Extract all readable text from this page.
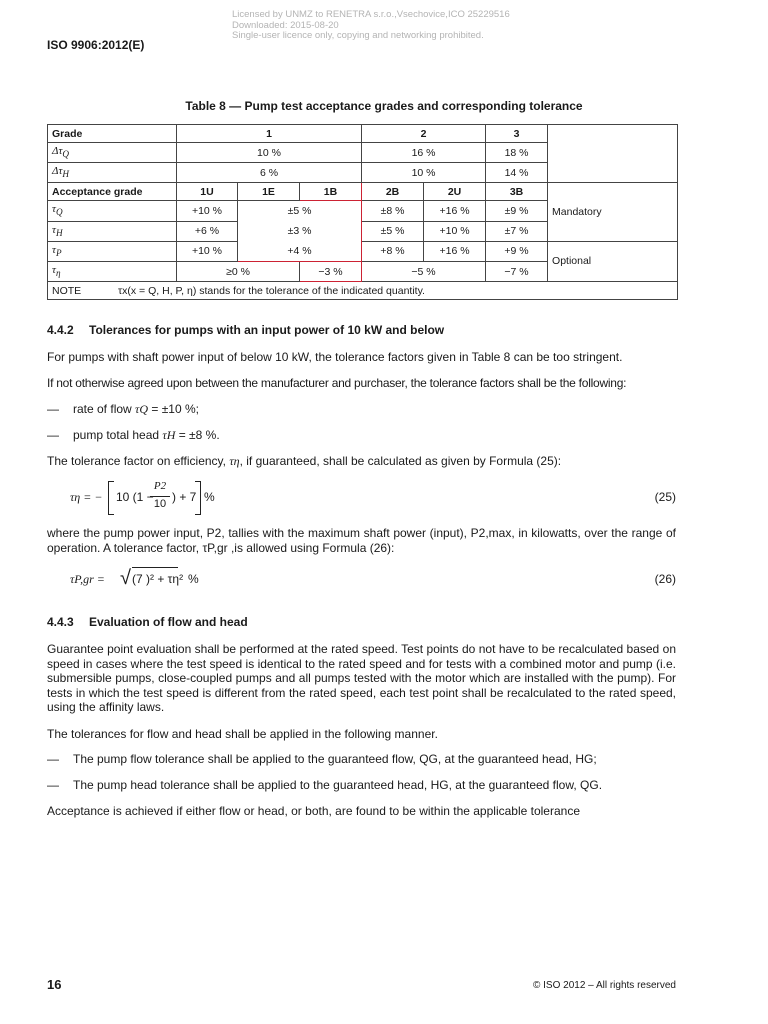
Licensed by UNMZ to RENETRA s.r.o.,Vsechovice,ICO 25229516
Downloaded: 2015-08-20
Single-user licence only, copying and networking prohibited.
ISO 9906:2012(E)
Table 8 — Pump test acceptance grades and corresponding tolerance
Grade	1			2		3	
$\Delta\tau_Q$	10 %			16 %		18 %	
$\Delta\tau_H$	6 %			10 %		14 %	
Acceptance grade	1U	1E	1B	2B	2U	3B	Mandatory
$\tau_Q$	+10 %	±5 %		±8 %	+16 %	±9 %	
$\tau_H$	+6 %	±3 %		±5 %	+10 %	±7 %	
$\tau_P$	+10 %	+4 %		+8 %	+16 %	+9 %	Optional
$\tau_\eta$	≥0 %		−3 %	−5 %		−7 %	
NOTE τx(x = Q, H, P, η) stands for the tolerance of the indicated quantity.							
4.4.2 Tolerances for pumps with an input power of 10 kW and below
For pumps with shaft power input of below 10 kW, the tolerance factors given in Table 8 can be too stringent.
If not otherwise agreed upon between the manufacturer and purchaser, the tolerance factors shall be the following:
— rate of flow τQ = ±10 %;
— pump total head τH = ±8 %.
The tolerance factor on efficiency, τη, if guaranteed, shall be calculated as given by Formula (25):
τη = − 10 (1 −
P2
10 ) + 7 %	(25)
where the pump power input, P2, tallies with the maximum shaft power (input), P2,max, in kilowatts, over the range of operation. A tolerance factor, τP,gr ,is allowed using Formula (26):
τP,gr = √ (7 )² + τη² %	(26)
4.4.3 Evaluation of flow and head
Guarantee point evaluation shall be performed at the rated speed. Test points do not have to be recalculated based on speed in cases where the test speed is identical to the rated speed and for tests with a combined motor and pump (i.e. submersible pumps, close-coupled pumps and all pumps tested with the motor which are installed with the pump). For tests in which the test speed is different from the rated speed, each test point shall be recalculated to the rated speed, using the affinity laws.
The tolerances for flow and head shall be applied in the following manner.
— The pump flow tolerance shall be applied to the guaranteed flow, QG, at the guaranteed head, HG;
— The pump head tolerance shall be applied to the guaranteed head, HG, at the guaranteed flow, QG.
Acceptance is achieved if either flow or head, or both, are found to be within the applicable tolerance
16	© ISO 2012 – All rights reserved
